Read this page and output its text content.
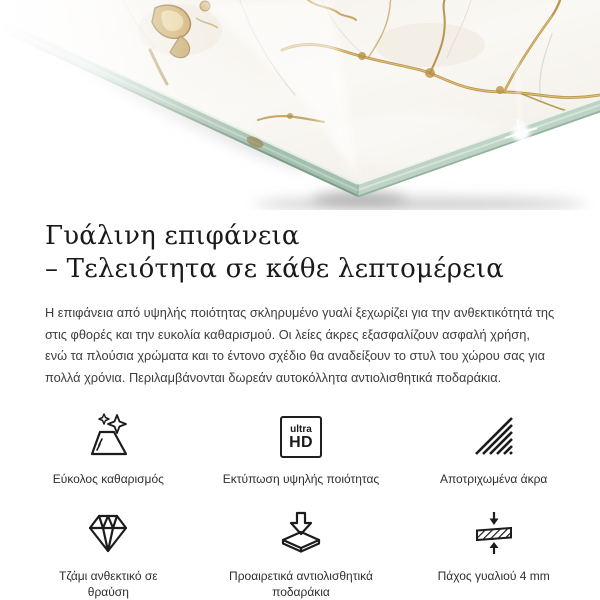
Γυάλινη επιφάνεια
– Τελειότητα σε κάθε λεπτομέρεια

Η επιφάνεια από υψηλής ποιότητας σκληρυμένο γυαλί ξεχωρίζει για την ανθεκτικότητά της στις φθορές και την ευκολία καθαρισμού. Οι λείες άκρες εξασφαλίζουν ασφαλή χρήση, ενώ τα πλούσια χρώματα και το έντονο σχέδιο θα αναδείξουν το στυλ του χώρου σας για πολλά χρόνια. Περιλαμβάνονται δωρεάν αυτοκόλλητα αντιολισθητικά ποδαράκια.

Εύκολος καθαρισμός
ultra
HD
Εκτύπωση υψηλής ποιότητας	Αποτριχωμένα άκρα
Τζάμι ανθεκτικό σε θραύση
Προαιρετικά αντιολισθητικά ποδαράκια
Πάχος γυαλιού 4 mm
